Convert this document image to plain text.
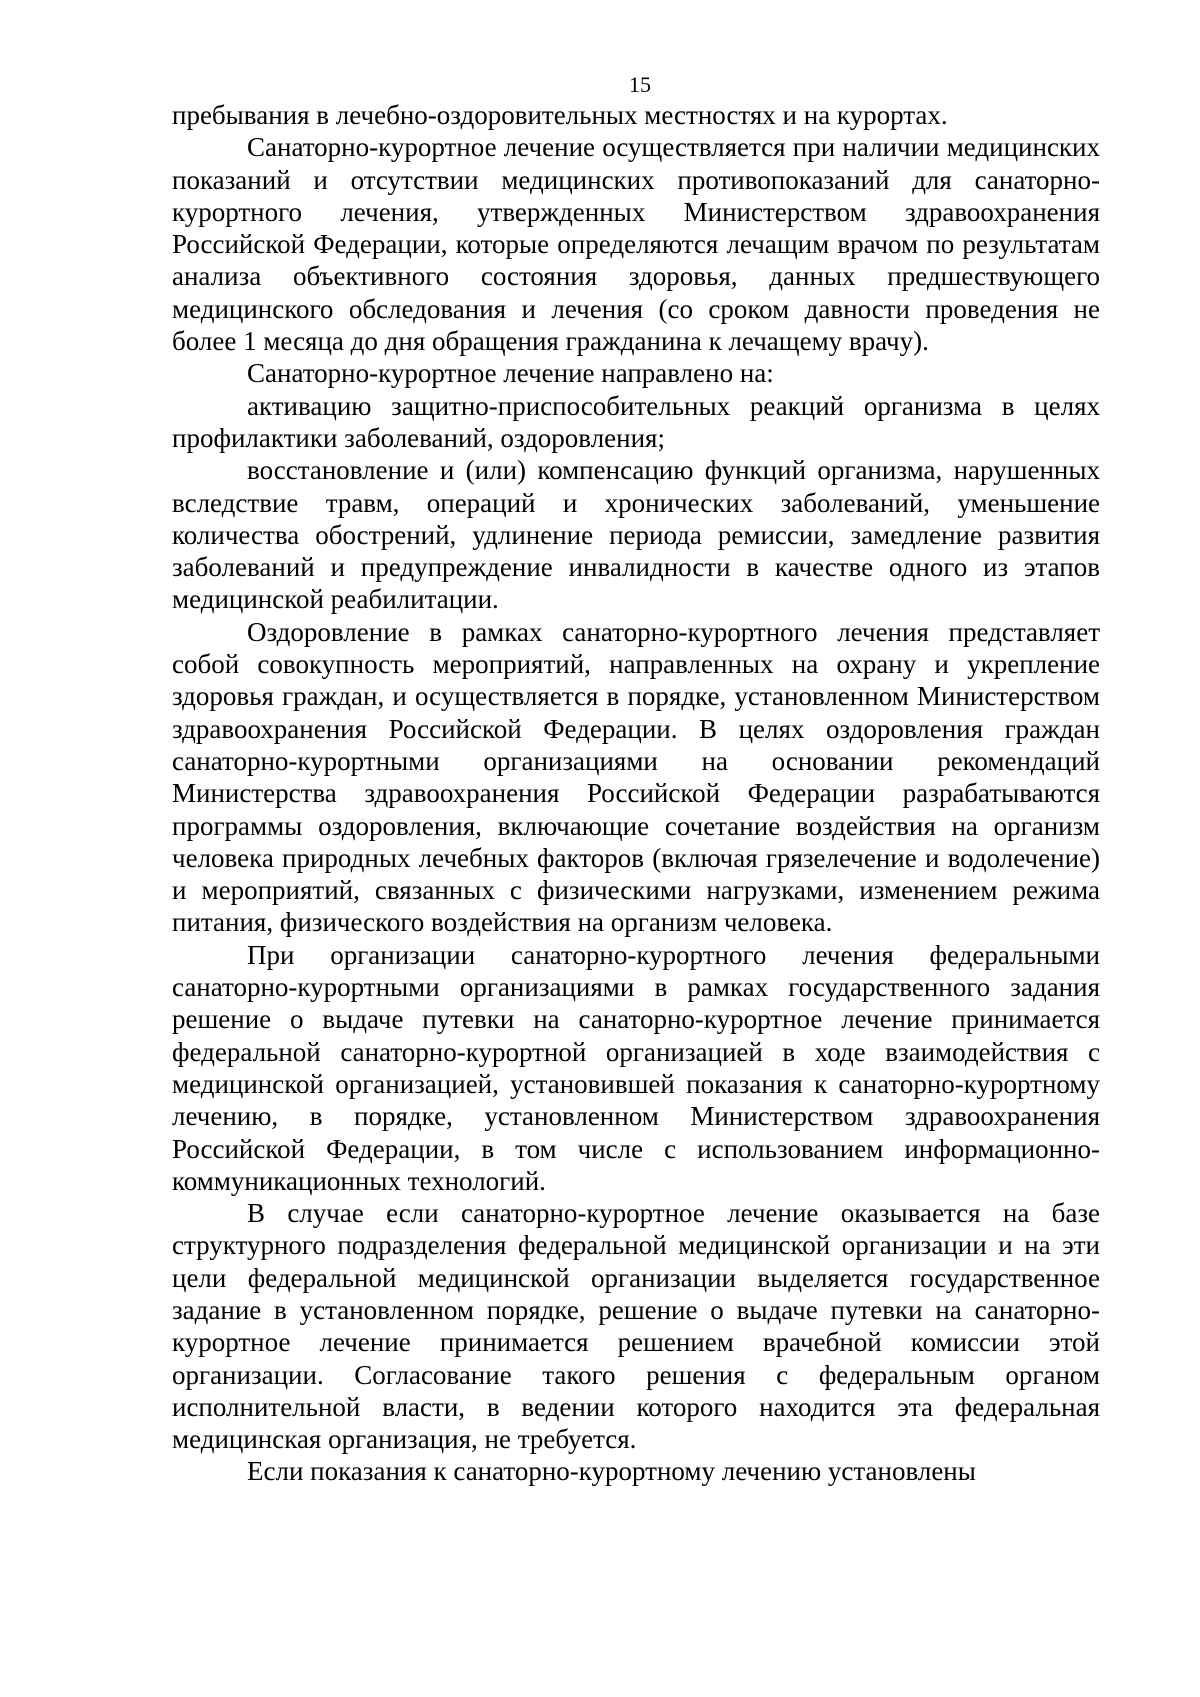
15

пребывания в лечебно-оздоровительных местностях и на курортах.

Санаторно-курортное лечение осуществляется при наличии медицинских показаний и отсутствии медицинских противопоказаний для санаторно-курортного лечения, утвержденных Министерством здравоохранения Российской Федерации, которые определяются лечащим врачом по результатам анализа объективного состояния здоровья, данных предшествующего медицинского обследования и лечения (со сроком давности проведения не более 1 месяца до дня обращения гражданина к лечащему врачу).

Санаторно-курортное лечение направлено на:

активацию защитно-приспособительных реакций организма в целях профилактики заболеваний, оздоровления;

восстановление и (или) компенсацию функций организма, нарушенных вследствие травм, операций и хронических заболеваний, уменьшение количества обострений, удлинение периода ремиссии, замедление развития заболеваний и предупреждение инвалидности в качестве одного из этапов медицинской реабилитации.

Оздоровление в рамках санаторно-курортного лечения представляет собой совокупность мероприятий, направленных на охрану и укрепление здоровья граждан, и осуществляется в порядке, установленном Министерством здравоохранения Российской Федерации. В целях оздоровления граждан санаторно-курортными организациями на основании рекомендаций Министерства здравоохранения Российской Федерации разрабатываются программы оздоровления, включающие сочетание воздействия на организм человека природных лечебных факторов (включая грязелечение и водолечение) и мероприятий, связанных с физическими нагрузками, изменением режима питания, физического воздействия на организм человека.

При организации санаторно-курортного лечения федеральными санаторно-курортными организациями в рамках государственного задания решение о выдаче путевки на санаторно-курортное лечение принимается федеральной санаторно-курортной организацией в ходе взаимодействия с медицинской организацией, установившей показания к санаторно-курортному лечению, в порядке, установленном Министерством здравоохранения Российской Федерации, в том числе с использованием информационно-коммуникационных технологий.

В случае если санаторно-курортное лечение оказывается на базе структурного подразделения федеральной медицинской организации и на эти цели федеральной медицинской организации выделяется государственное задание в установленном порядке, решение о выдаче путевки на санаторно-курортное лечение принимается решением врачебной комиссии этой организации. Согласование такого решения с федеральным органом исполнительной власти, в ведении которого находится эта федеральная медицинская организация, не требуется.

Если показания к санаторно-курортному лечению установлены
